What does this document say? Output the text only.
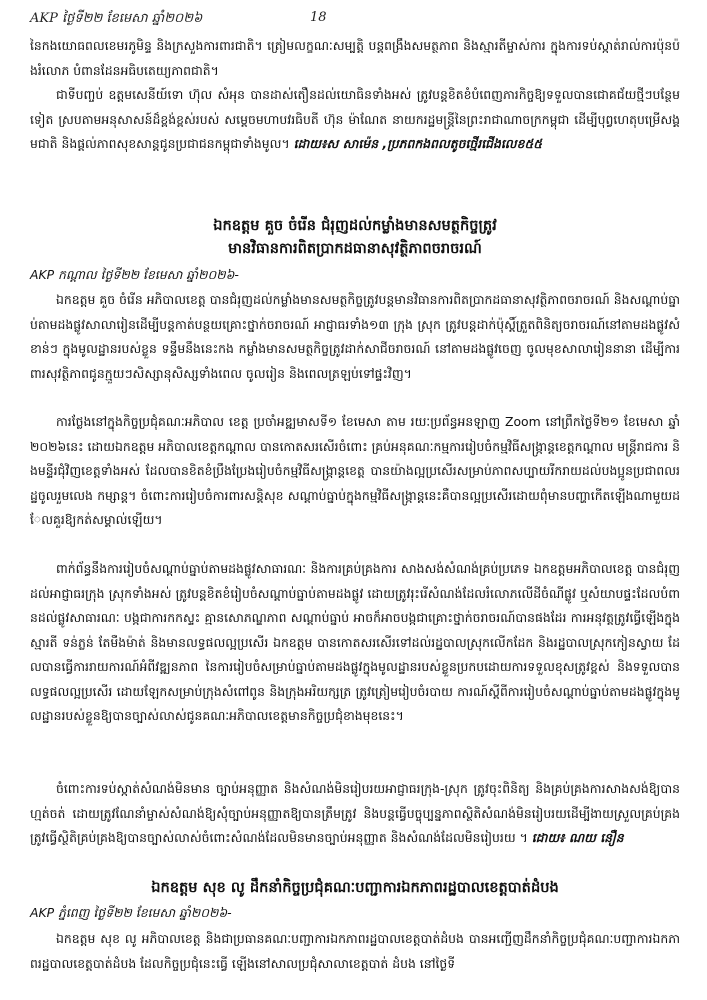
AKP ថ្ងៃទី២២ ខែមេសា ឆ្នាំ២០២៦	18

នៃកងយោធពលខេមរភូមិន្ទ និងក្រសួងការពារជាតិ។ ត្រៀមលក្ខណៈសម្បត្តិ បន្តពង្រឹងសមត្ថភាព និងស្មារតីម្ចាស់ការ ក្នុងការទប់ស្កាត់រាល់ការប៉ុនប៉ងរំលោភ បំពានដែនអធិបតេយ្យភាពជាតិ។

ជាទីបញ្ចប់ ឧត្តមសេនីយ៍ទោ ហ៊ុល សំអុន បានដាស់តឿនដល់យោធិនទាំងអស់ ត្រូវបន្តខិតខំបំពេញភារកិច្ចឱ្យទទួលបានជោគជ័យថ្មីៗបន្ថែមទៀត ស្របតាមអនុសាសន៍ដ៏ខ្ពង់ខ្ពស់របស់ សម្តេចមហាបវរធិបតី ហ៊ុន ម៉ាណែត នាយករដ្ឋមន្ត្រីនៃព្រះរាជាណាចក្រកម្ពុជា ដើម្បីបុព្វហេតុបម្រើសង្គមជាតិ និងផ្តល់ភាពសុខសាន្តជូនប្រជាជនកម្ពុជាទាំងមូល។ ដោយ៖ស សាម៉េន ,ប្រភពកងពលតូចថ្មើរជើងលេខ៥៥

ឯកឧត្តម គួច ចំរើន ជំរុញដល់កម្លាំងមានសមត្ថកិច្ចត្រូវ

មានវិធានការពិតប្រាកដធានាសុវត្ថិភាពចរាចរណ៍

AKP កណ្តាល ថ្ងៃទី២២ ខែមេសា ឆ្នាំ២០២៦-

ឯកឧត្តម គួច ចំរើន អភិបាលខេត្ត បានជំរុញដល់កម្លាំងមានសមត្ថកិច្ចត្រូវបន្តមានវិធានការពិតប្រាកដធានាសុវត្ថិភាពចរាចរណ៍ និងសណ្តាប់ធ្នាប់តាមដងផ្លូវសាលារៀនដើម្បីបន្តកាត់បន្ថយគ្រោះថ្នាក់ចរាចរណ៍ អាជ្ញាធរទាំង១៣ ក្រុង ស្រុក ត្រូវបន្តដាក់ប៉ុស្តិ៍ត្រួតពិនិត្យចរាចរណ៍នៅតាមដងផ្លូវសំខាន់ៗ ក្នុងមូលដ្ឋានរបស់ខ្លួន ទន្ទឹមនឹងនេះកង កម្លាំងមានសមត្ថកិច្ចត្រូវដាក់សាជីចរាចរណ៍ នៅតាមដងផ្លូវចេញ ចូលមុខសាលារៀននានា ដើម្បីការពារសុវត្ថិភាពជូនក្មួយៗសិស្សានុសិស្សទាំងពេល ចូលរៀន និងពេលត្រឡប់ទៅផ្ទះវិញ។

ការថ្លែងនៅក្នុងកិច្ចប្រជុំគណៈអភិបាល ខេត្ត ប្រចាំអឌ្ឍមាសទី១ ខែមេសា តាម រយៈប្រព័ន្ធអនឡាញ Zoom នៅព្រឹកថ្ងៃទី២១ ខែមេសា ឆ្នាំ២០២៦នេះ ដោយឯកឧត្តម អភិបាលខេត្តកណ្តាល បានកោតសរសើរចំពោះ គ្រប់អនុគណៈកម្មការរៀបចំកម្មវិធីសង្ក្រាន្តខេត្តកណ្តាល មន្ត្រីរាជការ និងមន្ទីរជុំវិញខេត្តទាំងអស់ ដែលបានខិតខំប្រឹងប្រែងរៀបចំកម្មវិធីសង្ក្រាន្តខេត្ត បានយ៉ាងល្អប្រសើរសម្រាប់ភាពសប្បាយរីករាយដល់បងប្អូនប្រជាពលរដ្ឋចូលរួមលេង កម្សាន្ត។ ចំពោះការរៀបចំការពារសន្តិសុខ សណ្តាប់ធ្នាប់ក្នុងកម្មវិធីសង្ក្រាន្តនេះគឺបានល្អប្រសើរដោយពុំមានបញ្ហាកើតឡើងណាមួយដែលគួរឱ្យកត់សម្គាល់ឡើយ។

ពាក់ព័ន្ធនឹងការរៀបចំសណ្តាប់ធ្នាប់តាមដងផ្លូវសាធារណៈ និងការគ្រប់គ្រងការ សាងសង់សំណង់គ្រប់ប្រភេទ ឯកឧត្តមអភិបាលខេត្ត បានជំរុញដល់អាជ្ញាធរក្រុង ស្រុកទាំងអស់ ត្រូវបន្តខិតខំរៀបចំសណ្តាប់ធ្នាប់តាមដងផ្លូវ ដោយត្រូវរុះរើសំណង់ដែលរំលោភលើដីចំណីផ្លូវ ឬសំយាបផ្ទះដែលបំពានដល់ផ្លូវសាធារណៈ បង្កជាការកកស្ទះ គ្មានសោភណ្ឌភាព សណ្តាប់ធ្នាប់ អាចក៏អាចបង្កជាគ្រោះថ្នាក់ចរាចរណ៍បានផងដែរ ការអនុវត្តត្រូវធ្វើឡើងក្នុងស្មារតី ទន់ភ្លន់ តែមឺងម៉ាត់ និងមានលទ្ធផលល្អប្រសើរ ឯកឧត្តម បានកោតសរសើរទៅដល់រដ្ឋបាលស្រុកលើកដែក និងរដ្ឋបាលស្រុកកៀនស្វាយ ដែលបានធ្វើការរាយការណ៍អំពីវឌ្ឍនភាព នៃការរៀបចំសម្រាប់ធ្នាប់តាមដងផ្លូវក្នុងមូលដ្ឋានរបស់ខ្លួនប្រកបដោយការទទួលខុសត្រូវខ្ពស់ និងទទួលបានលទ្ធផលល្អប្រសើរ ដោយឡែកសម្រាប់ក្រុងសំពៅពូន និងក្រុងអរិយក្សត្រ ត្រូវត្រៀមរៀបចំរបាយ ការណ៍ស្តីពីការរៀបចំសណ្តាប់ធ្នាប់តាមដងផ្លូវក្នុងមូលដ្ឋានរបស់ខ្លួនឱ្យបានច្បាស់លាស់ជូនគណៈអភិបាលខេត្តមានកិច្ចប្រជុំខាងមុខនេះ។

ចំពោះការទប់ស្កាត់សំណង់មិនមាន ច្បាប់អនុញ្ញាត និងសំណង់មិនរៀបរយអាជ្ញាធរក្រុង-ស្រុក ត្រូវចុះពិនិត្យ និងគ្រប់គ្រងការសាងសង់ឱ្យបានហ្មត់ចត់ ដោយត្រូវណែនាំម្ចាស់សំណង់ឱ្យសុំច្បាប់អនុញ្ញាតឱ្យបានត្រឹមត្រូវ និងបន្តធ្វើបច្ចុប្បន្នភាពស្ថិតិសំណង់មិនរៀបរយដើម្បីងាយស្រួលគ្រប់គ្រង ត្រូវធ្វើស្ថិតិគ្រប់គ្រងឱ្យបានច្បាស់លាស់ចំពោះសំណង់ដែលមិនមានច្បាប់អនុញ្ញាត និងសំណង់ដែលមិនរៀបរយ ។ ដោយ៖ ណយ នឿន

ឯកឧត្តម សុខ លូ ដឹកនាំកិច្ចប្រជុំគណៈបញ្ជាការឯកភាពរដ្ឋបាលខេត្តបាត់ដំបង

AKP ភ្នំពេញ ថ្ងៃទី២២ ខែមេសា ឆ្នាំ២០២៦-

ឯកឧត្តម សុខ លូ អភិបាលខេត្ត និងជាប្រធានគណៈបញ្ជាការឯកភាពរដ្ឋបាលខេត្តបាត់ដំបង បានអញ្ជើញដឹកនាំកិច្ចប្រជុំគណៈបញ្ជាការឯកភាពរដ្ឋបាលខេត្តបាត់ដំបង ដែលកិច្ចប្រជុំនេះធ្វើ ឡើងនៅសាលប្រជុំសាលាខេត្តបាត់ ដំបង នៅថ្ងៃទី
